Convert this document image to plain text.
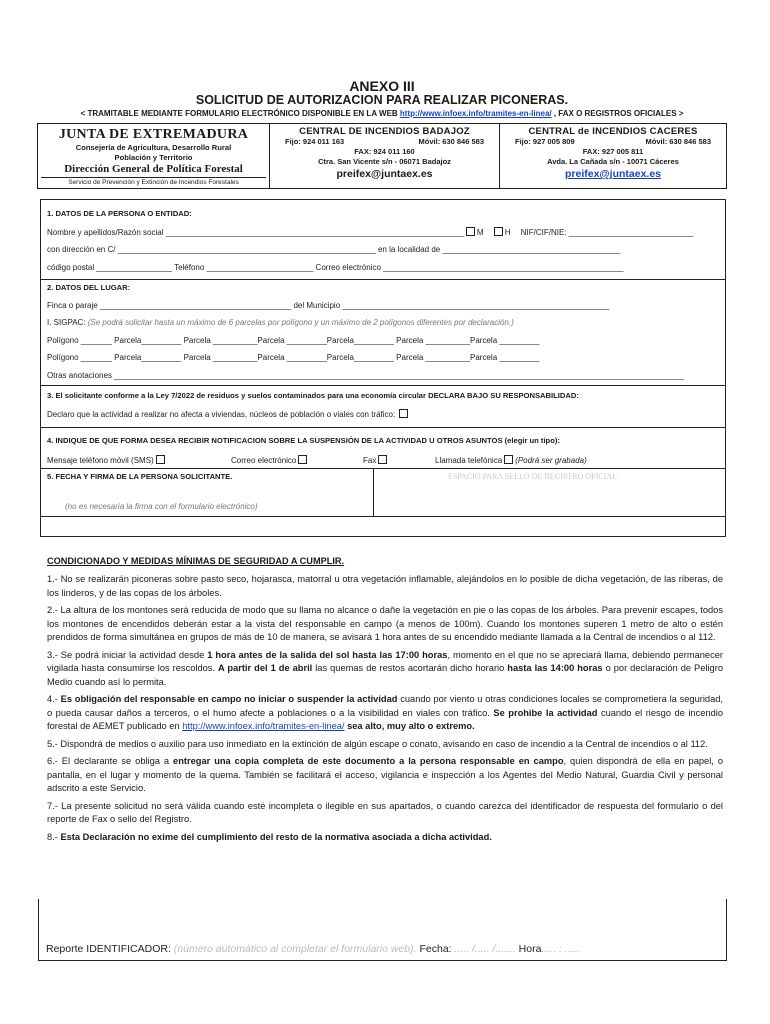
ANEXO III
SOLICITUD DE AUTORIZACION PARA REALIZAR PICONERAS.
< TRAMITABLE MEDIANTE FORMULARIO ELECTRÓNICO DISPONIBLE EN LA WEB http://www.infoex.info/tramites-en-linea/ , FAX O REGISTROS OFICIALES >
JUNTA DE EXTREMADURA
Consejería de Agricultura, Desarrollo Rural
Población y Territorio
Dirección General de Política Forestal
Servicio de Prevención y Extinción de Incendios Forestales
CENTRAL DE INCENDIOS BADAJOZ
Fijo: 924 011 163	Móvil: 630 846 583
FAX: 924 011 160
Ctra. San Vicente s/n - 06071 Badajoz
preifex@juntaex.es
CENTRAL de INCENDIOS CACERES
Fijo: 927 005 809	Móvil: 630 846 583
FAX: 927 005 811
Avda. La Cañada s/n - 10071 Cáceres
preifex@juntaex.es
1. DATOS DE LA PERSONA O ENTIDAD:
Nombre y apellidos/Razón social ___________________________________________________________________ M	H NIF/CIF/NIE: ____________________________
con dirección en C/ __________________________________________________________ en la localidad de ________________________________________
código postal _________________ Teléfono ________________________ Correo electrónico ______________________________________________________
2. DATOS DEL LUGAR:
Finca o paraje ___________________________________________ del Municipio ____________________________________________________________
I. SIGPAC: (Se podrá solicitar hasta un máximo de 6 parcelas por polígono y un máximo de 2 polígonos diferentes por declaración.)
Polígono _______ Parcela_________ Parcela __________Parcela _________Parcela_________ Parcela __________Parcela _________
Polígono _______ Parcela_________ Parcela __________Parcela _________Parcela_________ Parcela __________Parcela _________
Otras anotaciones ________________________________________________________________________________________________________________________________
3. El solicitante conforme a la Ley 7/2022 de residuos y suelos contaminados para una economía circular DECLARA BAJO SU RESPONSABILIDAD:
Declaro que la actividad a realizar no afecta a viviendas, núcleos de población o viales con tráfico:
4. INDIQUE DE QUE FORMA DESEA RECIBIR NOTIFICACION SOBRE LA SUSPENSIÓN DE LA ACTIVIDAD U OTROS ASUNTOS (elegir un tipo):
Mensaje teléfono móvil (SMS)	Correo electrónico	Fax	Llamada telefónica (Podrá ser grabada)
5. FECHA Y FIRMA DE LA PERSONA SOLICITANTE.
(no es necesaria la firma con el formulario electrónico)
ESPACIO PARA SELLO DE REGISTRO OFICIAL
CONDICIONADO Y MEDIDAS MÍNIMAS DE SEGURIDAD A CUMPLIR.

1.- No se realizarán piconeras sobre pasto seco, hojarasca, matorral u otra vegetación inflamable, alejándolos en lo posible de dicha vegetación, de las riberas, de los linderos, y de las copas de los árboles.

2.- La altura de los montones será reducida de modo que su llama no alcance o dañe la vegetación en pie o las copas de los árboles. Para prevenir escapes, todos los montones de encendidos deberán estar a la vista del responsable en campo (a menos de 100m). Cuando los montones superen 1 metro de alto o estén prendidos de forma simultánea en grupos de más de 10 de manera, se avisará 1 hora antes de su encendido mediante llamada a la Central de incendios o al 112.

3.- Se podrá iniciar la actividad desde 1 hora antes de la salida del sol hasta las 17:00 horas, momento en el que no se apreciará llama, debiendo permanecer vigilada hasta consumirse los rescoldos. A partir del 1 de abril las quemas de restos acortarán dicho horario hasta las 14:00 horas o por declaración de Peligro Medio cuando así lo permita.

4.- Es obligación del responsable en campo no iniciar o suspender la actividad cuando por viento u otras condiciones locales se comprometiera la seguridad, o pueda causar daños a terceros, o el humo afecte a poblaciones o a la visibilidad en viales con tráfico. Se prohibe la actividad cuando el riesgo de incendio forestal de AEMET publicado en http://www.infoex.info/tramites-en-linea/ sea alto, muy alto o extremo.

5.- Dispondrá de medios o auxilio para uso inmediato en la extinción de algún escape o conato, avisando en caso de incendio a la Central de incendios o al 112.

6.- El declarante se obliga a entregar una copia completa de este documento a la persona responsable en campo, quien dispondrá de ella en papel, o pantalla, en el lugar y momento de la quema. También se facilitará el acceso, vigilancia e inspección a los Agentes del Medio Natural, Guardia Civil y personal adscrito a este Servicio.

7.- La presente solicitud no será válida cuando esté incompleta o ilegible en sus apartados, o cuando carezca del identificador de respuesta del formulario o del reporte de Fax o sello del Registro.

8.- Esta Declaración no exime del cumplimiento del resto de la normativa asociada a dicha actividad.

Reporte IDENTIFICADOR: (número automático al completar el formulario web). Fecha: ..... /..... /....... Hora..... : .....
